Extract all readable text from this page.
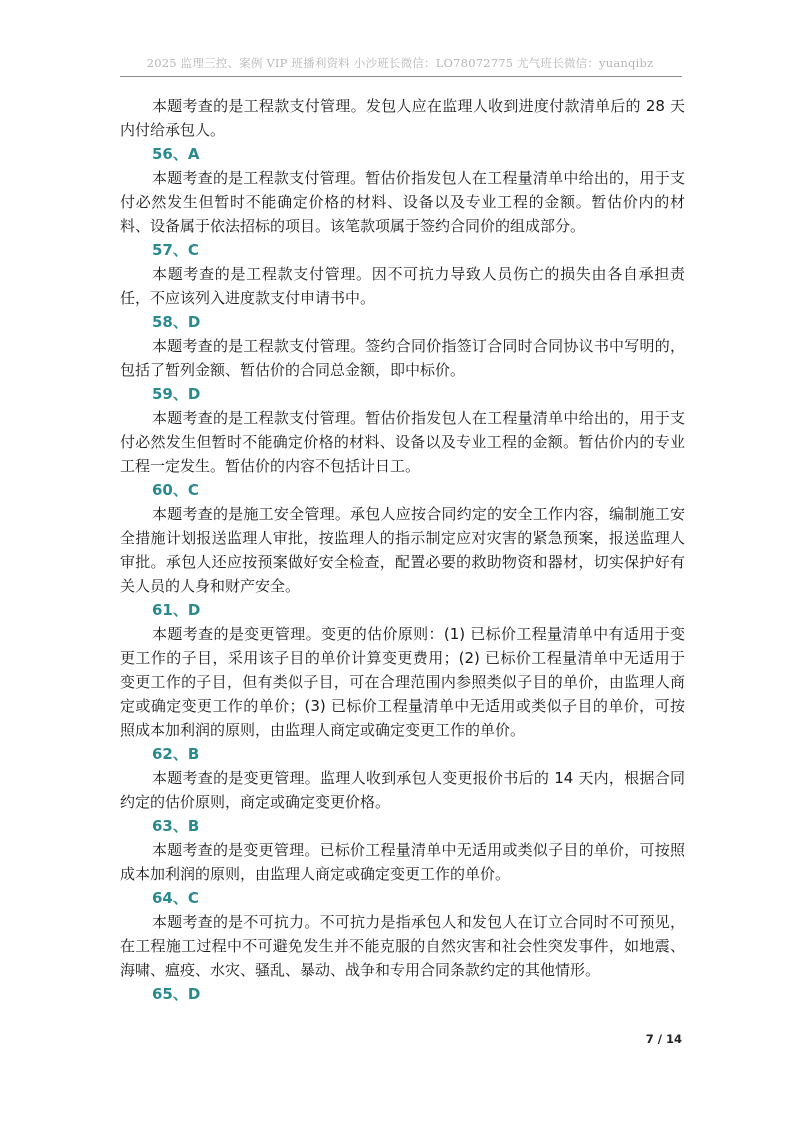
2025 监理三控、案例 VIP 班播利资料 小沙班长微信：LO78072775 尤气班长微信：yuanqibz

本题考查的是工程款支付管理。发包人应在监理人收到进度付款清单后的 28 天内付给承包人。

56、A

本题考查的是工程款支付管理。暂估价指发包人在工程量清单中给出的，用于支付必然发生但暂时不能确定价格的材料、设备以及专业工程的金额。暂估价内的材料、设备属于依法招标的项目。该笔款项属于签约合同价的组成部分。

57、C

本题考查的是工程款支付管理。因不可抗力导致人员伤亡的损失由各自承担责任，不应该列入进度款支付申请书中。

58、D

本题考查的是工程款支付管理。签约合同价指签订合同时合同协议书中写明的，包括了暂列金额、暂估价的合同总金额，即中标价。

59、D

本题考查的是工程款支付管理。暂估价指发包人在工程量清单中给出的，用于支付必然发生但暂时不能确定价格的材料、设备以及专业工程的金额。暂估价内的专业工程一定发生。暂估价的内容不包括计日工。

60、C

本题考查的是施工安全管理。承包人应按合同约定的安全工作内容，编制施工安全措施计划报送监理人审批，按监理人的指示制定应对灾害的紧急预案，报送监理人审批。承包人还应按预案做好安全检查，配置必要的救助物资和器材，切实保护好有关人员的人身和财产安全。

61、D

本题考查的是变更管理。变更的估价原则：(1) 已标价工程量清单中有适用于变更工作的子目，采用该子目的单价计算变更费用；(2) 已标价工程量清单中无适用于变更工作的子目，但有类似子目，可在合理范围内参照类似子目的单价，由监理人商定或确定变更工作的单价；(3) 已标价工程量清单中无适用或类似子目的单价，可按照成本加利润的原则，由监理人商定或确定变更工作的单价。

62、B

本题考查的是变更管理。监理人收到承包人变更报价书后的 14 天内，根据合同约定的估价原则，商定或确定变更价格。

63、B

本题考查的是变更管理。已标价工程量清单中无适用或类似子目的单价，可按照成本加利润的原则，由监理人商定或确定变更工作的单价。

64、C

本题考查的是不可抗力。不可抗力是指承包人和发包人在订立合同时不可预见，在工程施工过程中不可避免发生并不能克服的自然灾害和社会性突发事件，如地震、海啸、瘟疫、水灾、骚乱、暴动、战争和专用合同条款约定的其他情形。

65、D

7 / 14
